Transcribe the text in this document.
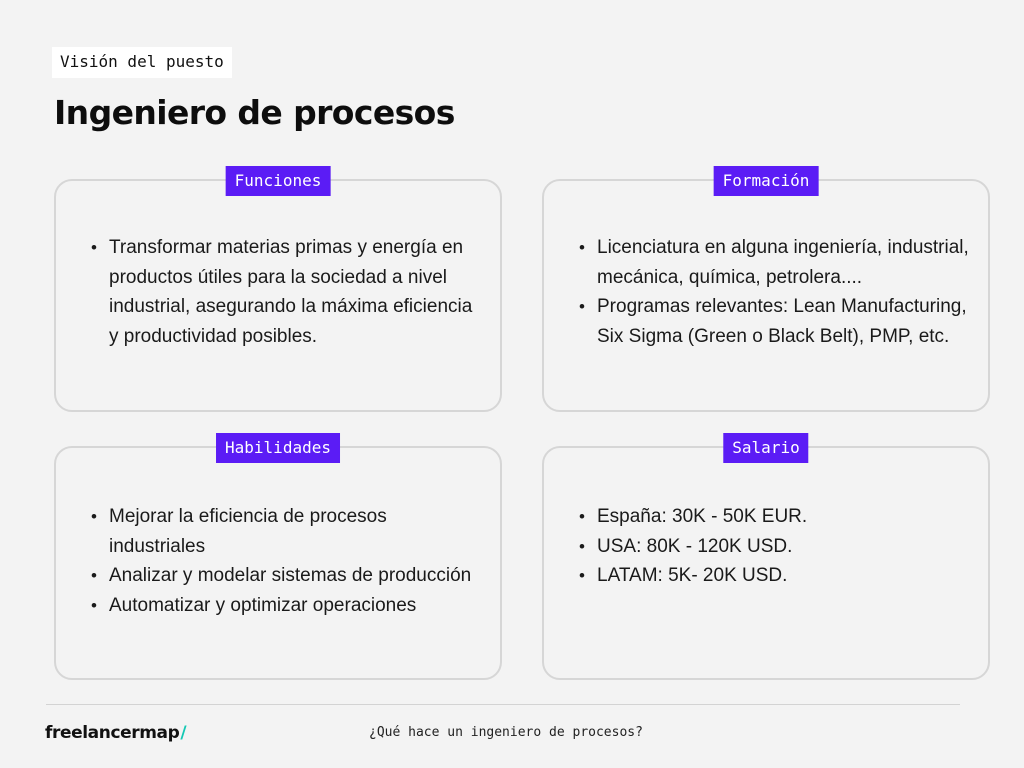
Visión del puesto
Ingeniero de procesos
Funciones
• Transformar materias primas y energía en productos útiles para la sociedad a nivel industrial, asegurando la máxima eficiencia y productividad posibles.
Formación
• Licenciatura en alguna ingeniería, industrial, mecánica, química, petrolera....
• Programas relevantes: Lean Manufacturing, Six Sigma (Green o Black Belt), PMP, etc.
Habilidades
• Mejorar la eficiencia de procesos industriales
• Analizar y modelar sistemas de producción
• Automatizar y optimizar operaciones
Salario
• España: 30K - 50K EUR.
• USA: 80K - 120K USD.
• LATAM: 5K- 20K USD.
freelancermap/	¿Qué hace un ingeniero de procesos?
